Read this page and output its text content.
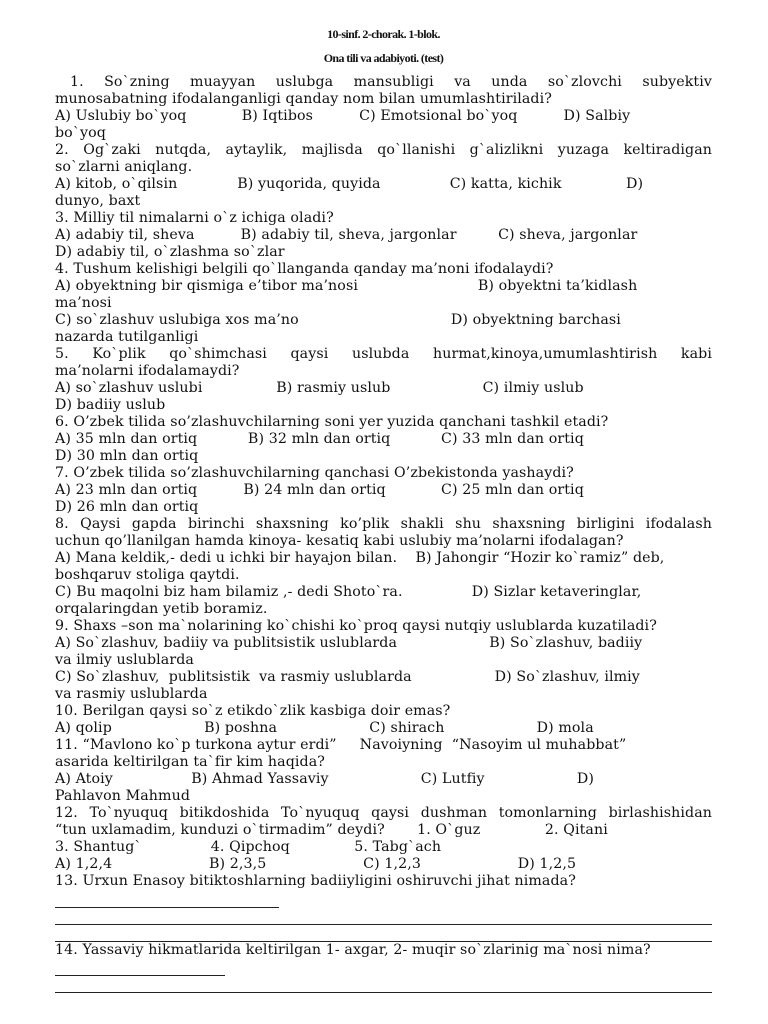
10-sinf. 2-chorak. 1-blok.
Ona tili va adabiyoti. (test)
1. So`zning muayyan uslubga mansubligi va unda so`zlovchi subyektiv
munosabatning ifodalanganligi qanday nom bilan umumlashtiriladi?
A) Uslubiy bo`yoq            B) Iqtibos          C) Emotsional bo`yoq          D) Salbiy
bo`yoq
2. Og`zaki nutqda, aytaylik, majlisda qo`llanishi g`alizlikni yuzaga keltiradigan
so`zlarni aniqlang.
A) kitob, o`qilsin             B) yuqorida, quyida               C) katta, kichik              D)
dunyo, baxt
3. Milliy til nimalarni o`z ichiga oladi?
A) adabiy til, sheva          B) adabiy til, sheva, jargonlar         C) sheva, jargonlar
D) adabiy til, o`zlashma so`zlar
4. Tushum kelishigi belgili qo`llanganda qanday ma’noni ifodalaydi?
A) obyektning bir qismiga e’tibor ma’nosi                          B) obyektni ta’kidlash
ma’nosi
C) so`zlashuv uslubiga xos ma’no                                 D) obyektning barchasi
nazarda tutilganligi
5. Ko`plik qo`shimchasi qaysi uslubda hurmat,kinoya,umumlashtirish kabi
ma’nolarni ifodalamaydi?
A) so`zlashuv uslubi                B) rasmiy uslub                    C) ilmiy uslub
D) badiiy uslub
6. O’zbek tilida so’zlashuvchilarning soni yer yuzida qanchani tashkil etadi?
A) 35 mln dan ortiq           B) 32 mln dan ortiq           C) 33 mln dan ortiq
D) 30 mln dan ortiq
7. O’zbek tilida so’zlashuvchilarning qanchasi O’zbekistonda yashaydi?
A) 23 mln dan ortiq          B) 24 mln dan ortiq            C) 25 mln dan ortiq
D) 26 mln dan ortiq
8. Qaysi gapda birinchi shaxsning ko’plik shakli shu shaxsning birligini ifodalash
uchun qo’llanilgan hamda kinoya- kesatiq kabi uslubiy ma’nolarni ifodalagan?
A) Mana keldik,- dedi u ichki bir hayajon bilan.    B) Jahongir “Hozir ko`ramiz” deb,
boshqaruv stoliga qaytdi.
C) Bu maqolni biz ham bilamiz ,- dedi Shoto`ra.               D) Sizlar ketaveringlar,
orqalaringdan yetib boramiz.
9. Shaxs –son ma`nolarining ko`chishi ko`proq qaysi nutqiy uslublarda kuzatiladi?
A) So`zlashuv, badiiy va publitsistik uslublarda                    B) So`zlashuv, badiiy
va ilmiy uslublarda
C) So`zlashuv,  publitsistik  va rasmiy uslublarda                  D) So`zlashuv, ilmiy
va rasmiy uslublarda
10. Berilgan qaysi so`z etikdo`zlik kasbiga doir emas?
A) qolip                    B) poshna                    C) shirach                    D) mola
11. “Mavlono ko`p turkona aytur erdi”     Navoiyning  “Nasoyim ul muhabbat”
asarida keltirilgan ta`fir kim haqida?
A) Atoiy                 B) Ahmad Yassaviy                    C) Lutfiy                    D)
Pahlavon Mahmud
12. To`nyuquq bitikdoshida To`nyuquq qaysi dushman tomonlarning birlashishidan
“tun uxlamadim, kunduzi o`tirmadim” deydi?       1. O`guz              2. Qitani
3. Shantug`               4. Qipchoq              5. Tabg`ach
A) 1,2,4                     B) 2,3,5                     C) 1,2,3                     D) 1,2,5
13. Urxun Enasoy bitiktoshlarning badiiyligini oshiruvchi jihat nimada?
14. Yassaviy hikmatlarida keltirilgan 1- axgar, 2- muqir so`zlarinig ma`nosi nima?
